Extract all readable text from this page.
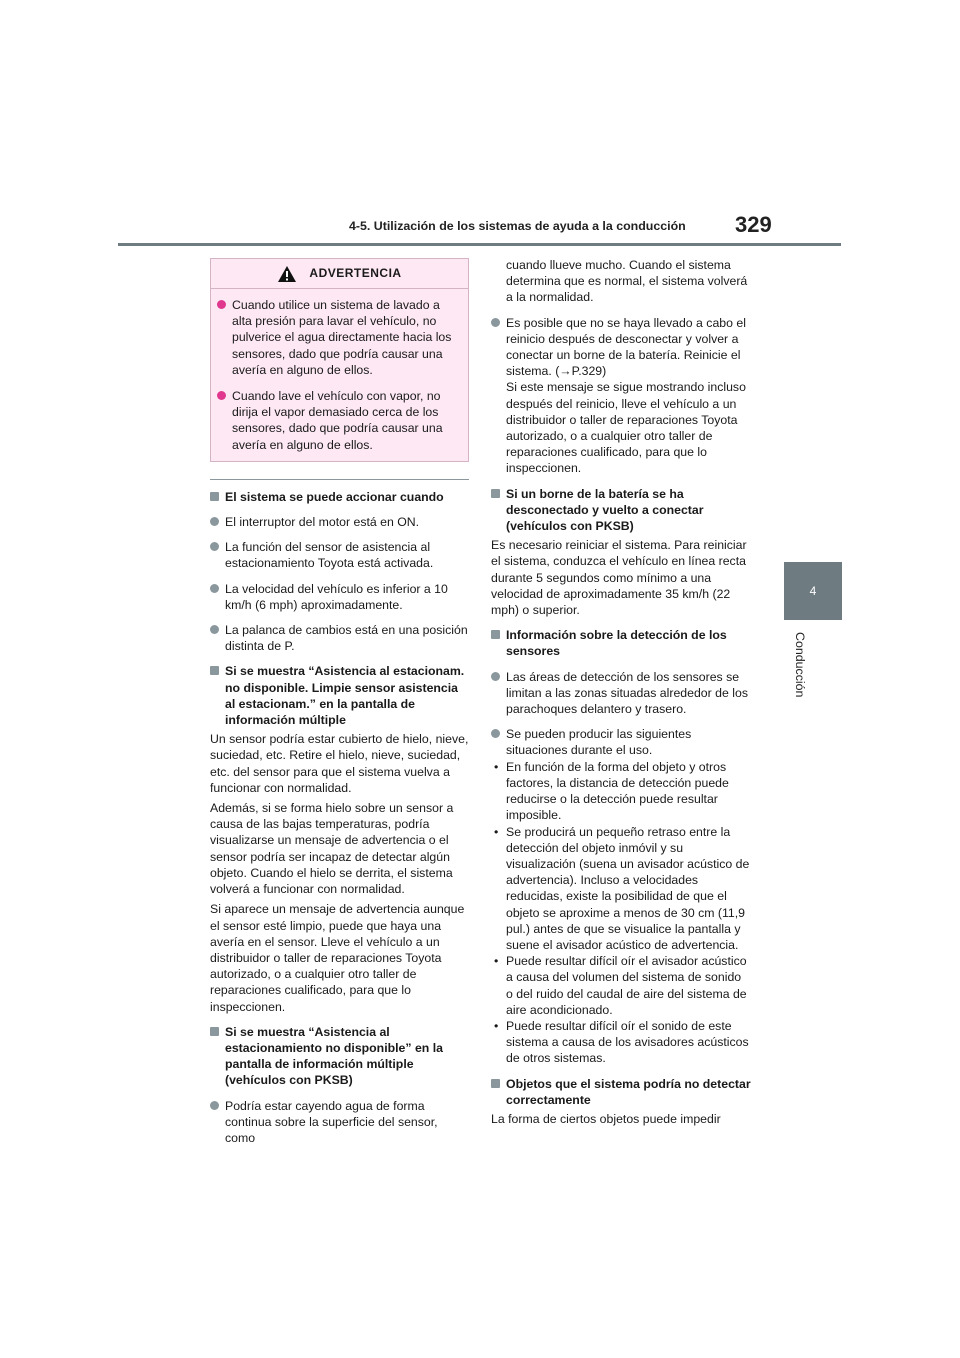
329
4-5. Utilización de los sistemas de ayuda a la conducción
4
Conducción
ADVERTENCIA
Cuando utilice un sistema de lavado a alta presión para lavar el vehículo, no pulverice el agua directamente hacia los sensores, dado que podría causar una avería en alguno de ellos.
Cuando lave el vehículo con vapor, no dirija el vapor demasiado cerca de los sensores, dado que podría causar una avería en alguno de ellos.
El sistema se puede accionar cuando
El interruptor del motor está en ON.
La función del sensor de asistencia al estacionamiento Toyota está activada.
La velocidad del vehículo es inferior a 10 km/h (6 mph) aproximadamente.
La palanca de cambios está en una posición distinta de P.
Si se muestra “Asistencia al estacionam. no disponible. Limpie sensor asistencia al estacionam.” en la pantalla de información múltiple
Un sensor podría estar cubierto de hielo, nieve, suciedad, etc. Retire el hielo, nieve, suciedad, etc. del sensor para que el sistema vuelva a funcionar con normalidad.
Además, si se forma hielo sobre un sensor a causa de las bajas temperaturas, podría visualizarse un mensaje de advertencia o el sensor podría ser incapaz de detectar algún objeto. Cuando el hielo se derrita, el sistema volverá a funcionar con normalidad.
Si aparece un mensaje de advertencia aunque el sensor esté limpio, puede que haya una avería en el sensor. Lleve el vehículo a un distribuidor o taller de reparaciones Toyota autorizado, o a cualquier otro taller de reparaciones cualificado, para que lo inspeccionen.
Si se muestra “Asistencia al estacionamiento no disponible” en la pantalla de información múltiple (vehículos con PKSB)
Podría estar cayendo agua de forma continua sobre la superficie del sensor, como
cuando llueve mucho. Cuando el sistema determina que es normal, el sistema volverá a la normalidad.
Es posible que no se haya llevado a cabo el reinicio después de desconectar y volver a conectar un borne de la batería. Reinicie el sistema. (→P.329)
Si este mensaje se sigue mostrando incluso después del reinicio, lleve el vehículo a un distribuidor o taller de reparaciones Toyota autorizado, o a cualquier otro taller de reparaciones cualificado, para que lo inspeccionen.
Si un borne de la batería se ha desconectado y vuelto a conectar (vehículos con PKSB)
Es necesario reiniciar el sistema. Para reiniciar el sistema, conduzca el vehículo en línea recta durante 5 segundos como mínimo a una velocidad de aproximadamente 35 km/h (22 mph) o superior.
Información sobre la detección de los sensores
Las áreas de detección de los sensores se limitan a las zonas situadas alrededor de los parachoques delantero y trasero.
Se pueden producir las siguientes situaciones durante el uso.
• En función de la forma del objeto y otros factores, la distancia de detección puede reducirse o la detección puede resultar imposible.
• Se producirá un pequeño retraso entre la detección del objeto inmóvil y su visualización (suena un avisador acústico de advertencia). Incluso a velocidades reducidas, existe la posibilidad de que el objeto se aproxime a menos de 30 cm (11,9 pul.) antes de que se visualice la pantalla y suene el avisador acústico de advertencia.
• Puede resultar difícil oír el avisador acústico a causa del volumen del sistema de sonido o del ruido del caudal de aire del sistema de aire acondicionado.
• Puede resultar difícil oír el sonido de este sistema a causa de los avisadores acústicos de otros sistemas.
Objetos que el sistema podría no detectar correctamente
La forma de ciertos objetos puede impedir
